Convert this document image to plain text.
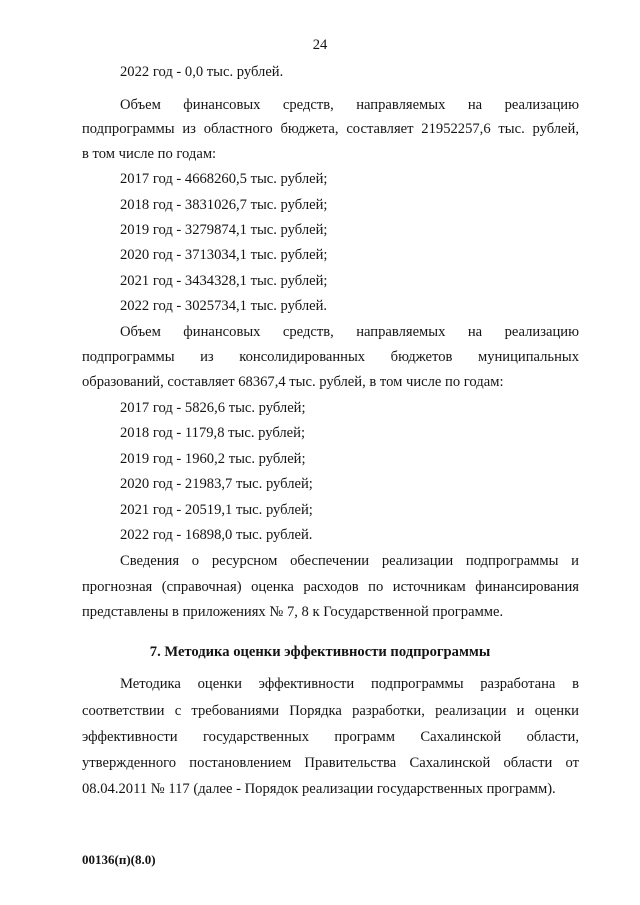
24
2022 год - 0,0 тыс. рублей.
Объем финансовых средств, направляемых на реализацию
подпрограммы из областного бюджета, составляет 21952257,6 тыс. рублей,
в том числе по годам:
2017 год - 4668260,5 тыс. рублей;
2018 год - 3831026,7 тыс. рублей;
2019 год - 3279874,1 тыс. рублей;
2020 год - 3713034,1 тыс. рублей;
2021 год - 3434328,1 тыс. рублей;
2022 год - 3025734,1 тыс. рублей.
Объем финансовых средств, направляемых на реализацию
подпрограммы из консолидированных бюджетов муниципальных
образований, составляет 68367,4 тыс. рублей, в том числе по годам:
2017 год - 5826,6 тыс. рублей;
2018 год - 1179,8 тыс. рублей;
2019 год - 1960,2 тыс. рублей;
2020 год - 21983,7 тыс. рублей;
2021 год - 20519,1 тыс. рублей;
2022 год - 16898,0 тыс. рублей.
Сведения о ресурсном обеспечении реализации подпрограммы и
прогнозная (справочная) оценка расходов по источникам финансирования
представлены в приложениях № 7, 8 к Государственной программе.
7. Методика оценки эффективности подпрограммы
Методика оценки эффективности подпрограммы разработана в
соответствии с требованиями Порядка разработки, реализации и оценки
эффективности государственных программ Сахалинской области,
утвержденного постановлением Правительства Сахалинской области от
08.04.2011 № 117 (далее - Порядок реализации государственных программ).
00136(п)(8.0)
